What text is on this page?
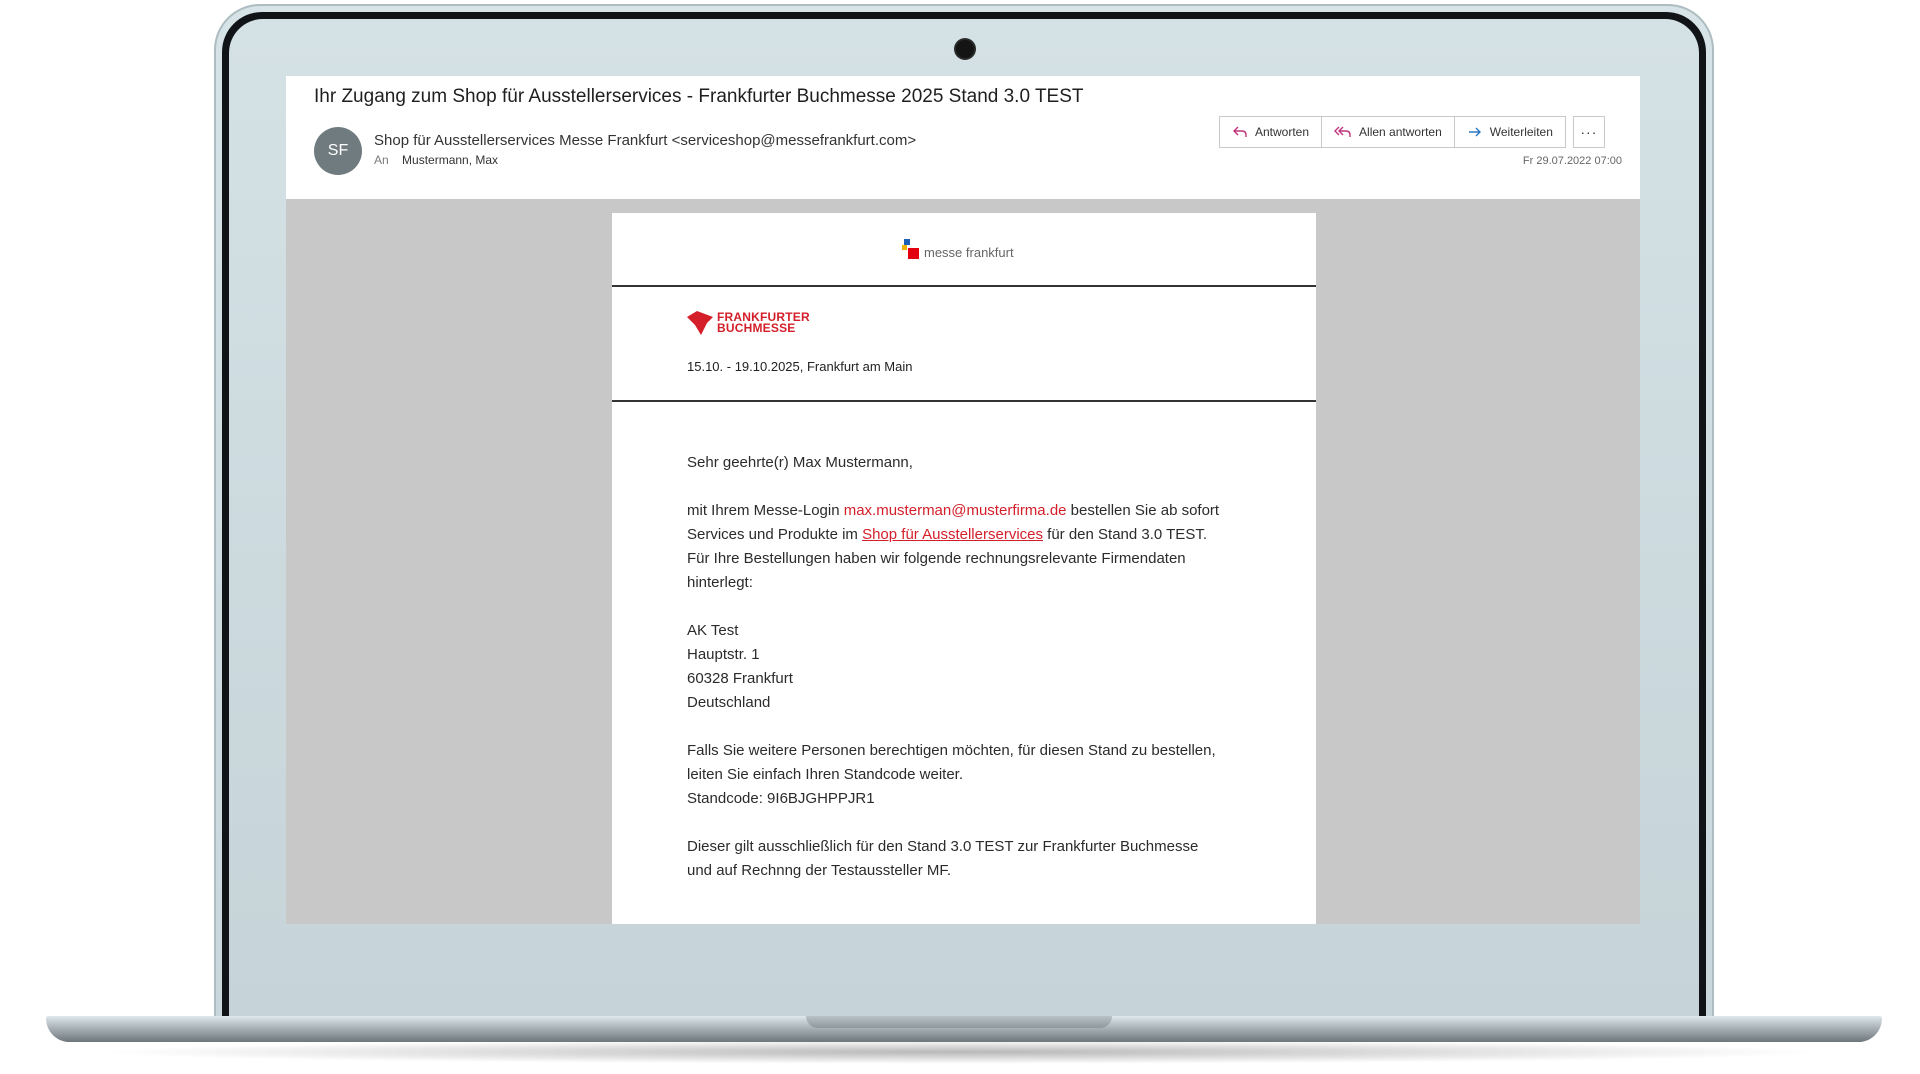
Ihr Zugang zum Shop für Ausstellerservices - Frankfurter Buchmesse 2025 Stand 3.0 TEST
SF
Shop für Ausstellerservices Messe Frankfurt <serviceshop@messefrankfurt.com>
An Mustermann, Max
Antworten	Allen antworten	Weiterleiten	···
Fr 29.07.2022 07:00
messe frankfurt
FRANKFURTER
BUCHMESSE
15.10. - 19.10.2025, Frankfurt am Main

Sehr geehrte(r) Max Mustermann,

mit Ihrem Messe-Login max.musterman@musterfirma.de bestellen Sie ab sofort Services und Produkte im Shop für Ausstellerservices für den Stand 3.0 TEST.
Für Ihre Bestellungen haben wir folgende rechnungsrelevante Firmendaten hinterlegt:

AK Test
Hauptstr. 1
60328 Frankfurt
Deutschland

Falls Sie weitere Personen berechtigen möchten, für diesen Stand zu bestellen, leiten Sie einfach Ihren Standcode weiter.
Standcode: 9I6BJGHPPJR1

Dieser gilt ausschließlich für den Stand 3.0 TEST zur Frankfurter Buchmesse
und auf Rechnng der Testaussteller MF.
